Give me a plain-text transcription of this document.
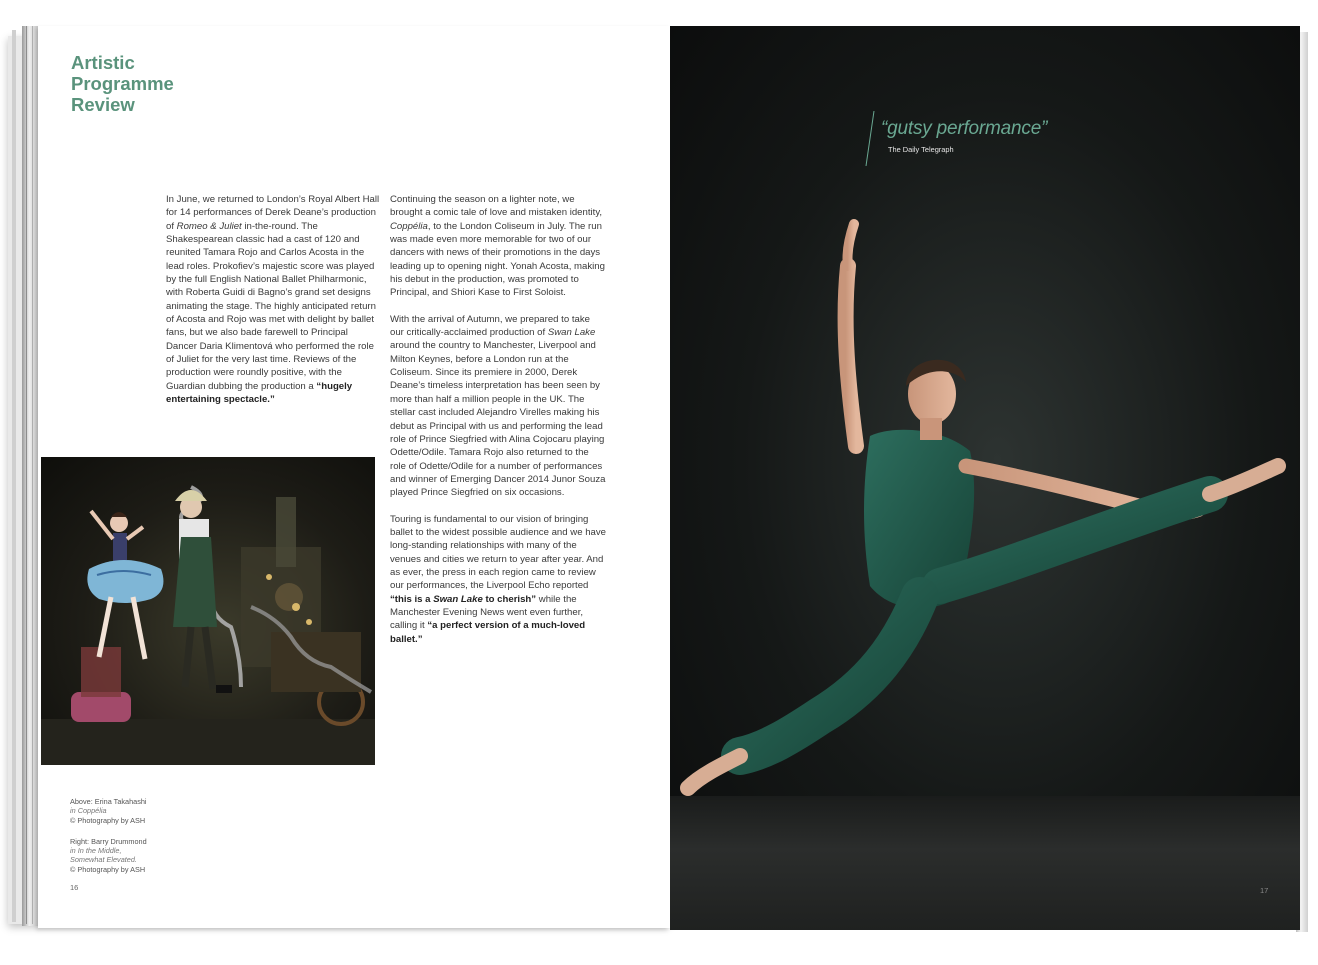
Artistic
Programme
Review

In June, we returned to London’s Royal Albert Hall for 14 performances of Derek Deane’s production of Romeo & Juliet in-the-round. The Shakespearean classic had a cast of 120 and reunited Tamara Rojo and Carlos Acosta in the lead roles. Prokofiev’s majestic score was played by the full English National Ballet Philharmonic, with Roberta Guidi di Bagno’s grand set designs animating the stage. The highly anticipated return of Acosta and Rojo was met with delight by ballet fans, but we also bade farewell to Principal Dancer Daria Klimentová who performed the role of Juliet for the very last time. Reviews of the production were roundly positive, with the Guardian dubbing the production a “hugely entertaining spectacle.”

Continuing the season on a lighter note, we brought a comic tale of love and mistaken identity, Coppélia, to the London Coliseum in July. The run was made even more memorable for two of our dancers with news of their promotions in the days leading up to opening night. Yonah Acosta, making his debut in the production, was promoted to Principal, and Shiori Kase to First Soloist.

With the arrival of Autumn, we prepared to take our critically-acclaimed production of Swan Lake around the country to Manchester, Liverpool and Milton Keynes, before a London run at the Coliseum. Since its premiere in 2000, Derek Deane’s timeless interpretation has been seen by more than half a million people in the UK. The stellar cast included Alejandro Virelles making his debut as Principal with us and performing the lead role of Prince Siegfried with Alina Cojocaru playing Odette/Odile. Tamara Rojo also returned to the role of Odette/Odile for a number of performances and winner of Emerging Dancer 2014 Junor Souza played Prince Siegfried on six occasions.

Touring is fundamental to our vision of bringing ballet to the widest possible audience and we have long-standing relationships with many of the venues and cities we return to year after year. And as ever, the press in each region came to review our performances, the Liverpool Echo reported “this is a Swan Lake to cherish” while the Manchester Evening News went even further, calling it “a perfect version of a much-loved ballet.”

Above: Erina Takahashi
in Coppélia
© Photography by ASH
Right: Barry Drummond
in In the Middle,
Somewhat Elevated.
© Photography by ASH
16
“gutsy performance”
The Daily Telegraph
17
